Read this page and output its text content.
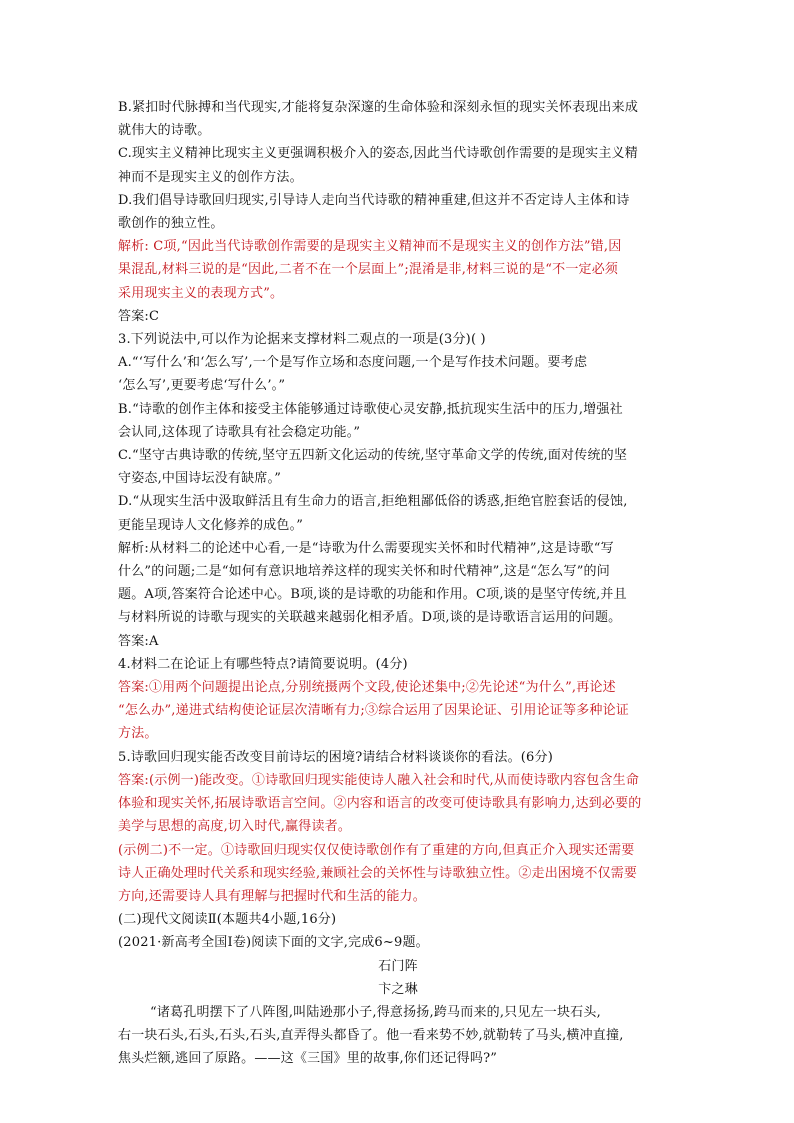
B.紧扣时代脉搏和当代现实,才能将复杂深邃的生命体验和深刻永恒的现实关怀表现出来成
就伟大的诗歌。
C.现实主义精神比现实主义更强调积极介入的姿态,因此当代诗歌创作需要的是现实主义精
神而不是现实主义的创作方法。
D.我们倡导诗歌回归现实,引导诗人走向当代诗歌的精神重建,但这并不否定诗人主体和诗
歌创作的独立性。
解析: C项,“因此当代诗歌创作需要的是现实主义精神而不是现实主义的创作方法”错,因
果混乱,材料三说的是“因此,二者不在一个层面上”;混淆是非,材料三说的是“不一定必须
采用现实主义的表现方式”。
答案:C
3.下列说法中,可以作为论据来支撑材料二观点的一项是(3分)( )
A.“‘写什么’和‘怎么写’,一个是写作立场和态度问题,一个是写作技术问题。要考虑
‘怎么写’,更要考虑‘写什么’。”
B.“诗歌的创作主体和接受主体能够通过诗歌使心灵安静,抵抗现实生活中的压力,增强社
会认同,这体现了诗歌具有社会稳定功能。”
C.“坚守古典诗歌的传统,坚守五四新文化运动的传统,坚守革命文学的传统,面对传统的坚
守姿态,中国诗坛没有缺席。”
D.“从现实生活中汲取鲜活且有生命力的语言,拒绝粗鄙低俗的诱惑,拒绝官腔套话的侵蚀,
更能呈现诗人文化修养的成色。”
解析:从材料二的论述中心看,一是“诗歌为什么需要现实关怀和时代精神”,这是诗歌“写
什么”的问题;二是“如何有意识地培养这样的现实关怀和时代精神”,这是“怎么写”的问
题。A项,答案符合论述中心。B项,谈的是诗歌的功能和作用。C项,谈的是坚守传统,并且
与材料所说的诗歌与现实的关联越来越弱化相矛盾。D项,谈的是诗歌语言运用的问题。
答案:A
4.材料二在论证上有哪些特点?请简要说明。(4分)
答案:①用两个问题提出论点,分别统摄两个文段,使论述集中;②先论述“为什么”,再论述
“怎么办”,递进式结构使论证层次清晰有力;③综合运用了因果论证、引用论证等多种论证
方法。
5.诗歌回归现实能否改变目前诗坛的困境?请结合材料谈谈你的看法。(6分)
答案:(示例一)能改变。①诗歌回归现实能使诗人融入社会和时代,从而使诗歌内容包含生命
体验和现实关怀,拓展诗歌语言空间。②内容和语言的改变可使诗歌具有影响力,达到必要的
美学与思想的高度,切入时代,赢得读者。
(示例二)不一定。①诗歌回归现实仅仅使诗歌创作有了重建的方向,但真正介入现实还需要
诗人正确处理时代关系和现实经验,兼顾社会的关怀性与诗歌独立性。②走出困境不仅需要
方向,还需要诗人具有理解与把握时代和生活的能力。
(二)现代文阅读Ⅱ(本题共4小题,16分)
(2021·新高考全国Ⅰ卷)阅读下面的文字,完成6~9题。
石门阵
卞之琳
“诸葛孔明摆下了八阵图,叫陆逊那小子,得意扬扬,跨马而来的,只见左一块石头,
右一块石头,石头,石头,石头,直弄得头都昏了。他一看来势不妙,就勒转了马头,横冲直撞,
焦头烂额,逃回了原路。——这《三国》里的故事,你们还记得吗?”
